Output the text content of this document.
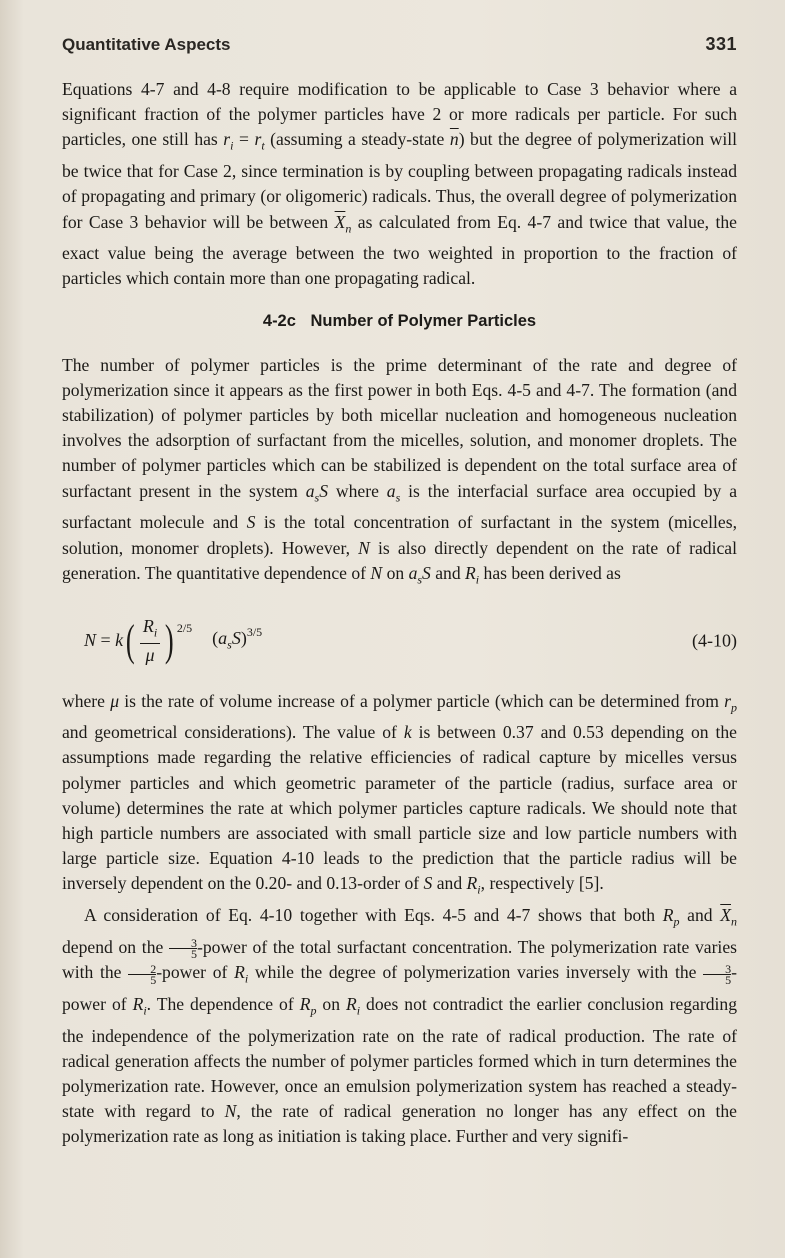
Quantitative Aspects	331

Equations 4-7 and 4-8 require modification to be applicable to Case 3 behavior where a significant fraction of the polymer particles have 2 or more radicals per particle. For such particles, one still has $r_i = r_t$ (assuming a steady-state $\overline{n}$) but the degree of polymerization will be twice that for Case 2, since termination is by coupling between propagating radicals instead of propagating and primary (or oligomeric) radicals. Thus, the overall degree of polymerization for Case 3 behavior will be between $\overline{X}_n$ as calculated from Eq. 4-7 and twice that value, the exact value being the average between the two weighted in proportion to the fraction of particles which contain more than one propagating radical.

4-2c Number of Polymer Particles

The number of polymer particles is the prime determinant of the rate and degree of polymerization since it appears as the first power in both Eqs. 4-5 and 4-7. The formation (and stabilization) of polymer particles by both micellar nucleation and homogeneous nucleation involves the adsorption of surfactant from the micelles, solution, and monomer droplets. The number of polymer particles which can be stabilized is dependent on the total surface area of surfactant present in the system $a_sS$ where $a_s$ is the interfacial surface area occupied by a surfactant molecule and S is the total concentration of surfactant in the system (micelles, solution, monomer droplets). However, N is also directly dependent on the rate of radical generation. The quantitative dependence of N on $a_sS$ and $R_i$ has been derived as

N = k ( $\frac{R_i}{\mu} )^{2/5}$
$(a_sS)^{3/5}$	(4-10)

where μ is the rate of volume increase of a polymer particle (which can be determined from $r_p$ and geometrical considerations). The value of k is between 0.37 and 0.53 depending on the assumptions made regarding the relative efficiencies of radical capture by micelles versus polymer particles and which geometric parameter of the particle (radius, surface area or volume) determines the rate at which polymer particles capture radicals. We should note that high particle numbers are associated with small particle size and low particle numbers with large particle size. Equation 4-10 leads to the prediction that the particle radius will be inversely dependent on the 0.20- and 0.13-order of S and $R_i$, respectively [5].

A consideration of Eq. 4-10 together with Eqs. 4-5 and 4-7 shows that both $R_p$ and $\overline{X}_n$ depend on the $\frac{3}{5}$ -power of the total surfactant concentration. The polymerization rate varies with the $\frac{2}{5}$ -power of $R_i$ while the degree of polymerization varies inversely with the $\frac{3}{5}$ -power of $R_i$. The dependence of $R_p$ on $R_i$ does not contradict the earlier conclusion regarding the independence of the polymerization rate on the rate of radical production. The rate of radical generation affects the number of polymer particles formed which in turn determines the polymerization rate. However, once an emulsion polymerization system has reached a steady-state with regard to N, the rate of radical generation no longer has any effect on the polymerization rate as long as initiation is taking place. Further and very signifi-
